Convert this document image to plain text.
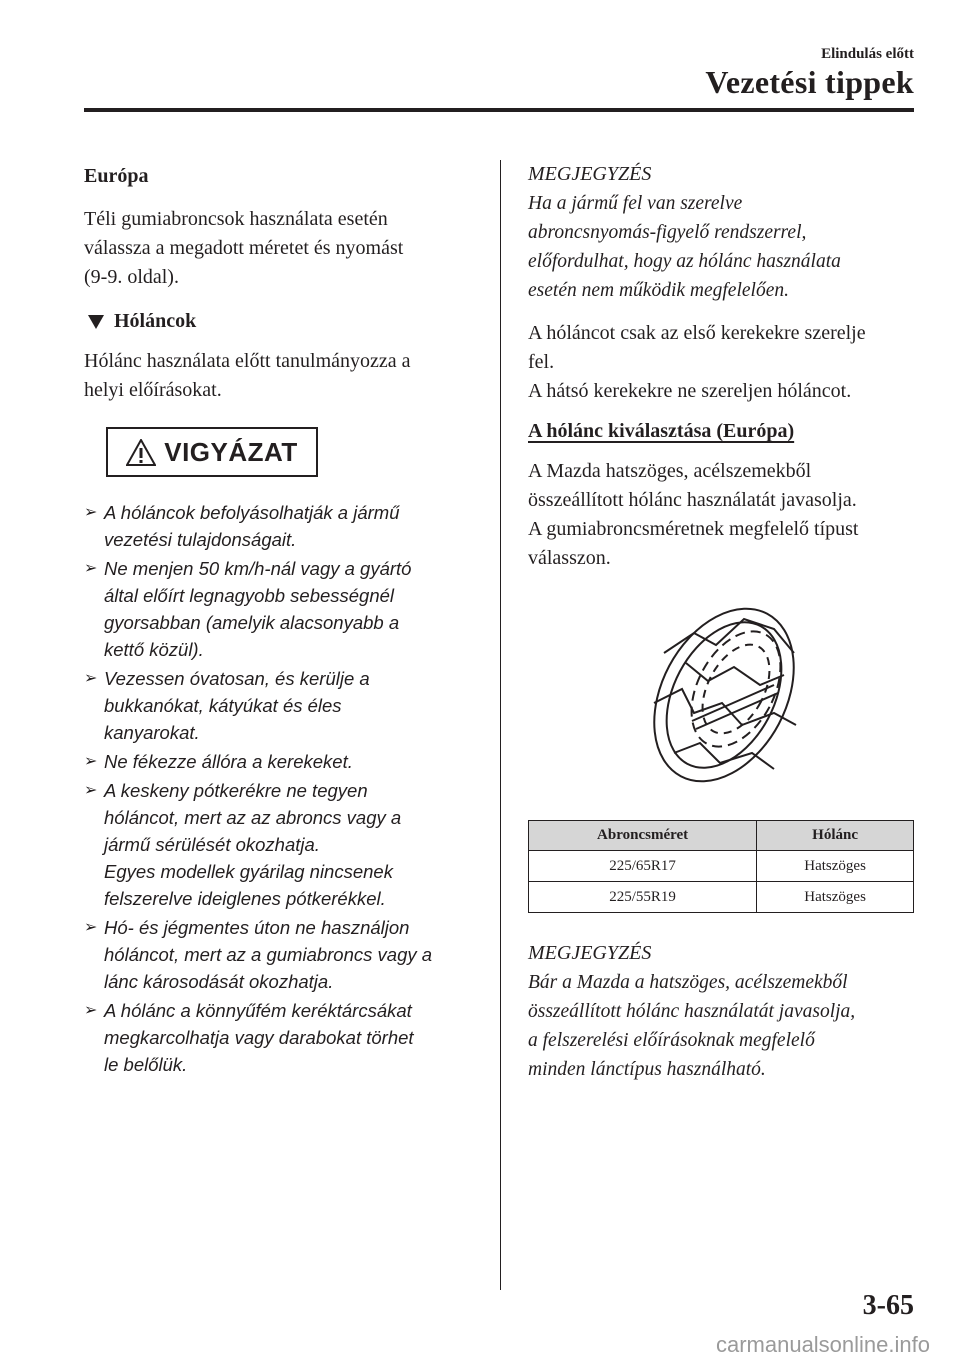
Elindulás előtt
Vezetési tippek

Európa

Téli gumiabroncsok használata esetén
válassza a megadott méretet és nyomást
(9-9. oldal).

Hóláncok

Hólánc használata előtt tanulmányozza a
helyi előírásokat.

VIGYÁZAT
➢ A hóláncok befolyásolhatják a jármű
vezetési tulajdonságait.
➢ Ne menjen 50 km/h-nál vagy a gyártó
által előírt legnagyobb sebességnél
gyorsabban (amelyik alacsonyabb a
kettő közül).
➢ Vezessen óvatosan, és kerülje a
bukkanókat, kátyúkat és éles
kanyarokat.
➢ Ne fékezze állóra a kerekeket.
➢ A keskeny pótkerékre ne tegyen
hóláncot, mert az az abroncs vagy a
jármű sérülését okozhatja.
Egyes modellek gyárilag nincsenek
felszerelve ideiglenes pótkerékkel.
➢ Hó- és jégmentes úton ne használjon
hóláncot, mert az a gumiabroncs vagy a
lánc károsodását okozhatja.
➢ A hólánc a könnyűfém keréktárcsákat
megkarcolhatja vagy darabokat törhet
le belőlük.
MEGJEGYZÉS
Ha a jármű fel van szerelve
abroncsnyomás-figyelő rendszerrel,
előfordulhat, hogy az hólánc használata
esetén nem működik megfelelően.

A hóláncot csak az első kerekekre szerelje
fel.
A hátsó kerekekre ne szereljen hóláncot.

A hólánc kiválasztása (Európa)

A Mazda hatszöges, acélszemekből
összeállított hólánc használatát javasolja.
A gumiabroncsméretnek megfelelő típust
válasszon.

Abroncsméret	Hólánc
225/65R17	Hatszöges
225/55R19	Hatszöges
MEGJEGYZÉS
Bár a Mazda a hatszöges, acélszemekből
összeállított hólánc használatát javasolja,
a felszerelési előírásoknak megfelelő
minden lánctípus használható.
3-65
carmanualsonline.info
